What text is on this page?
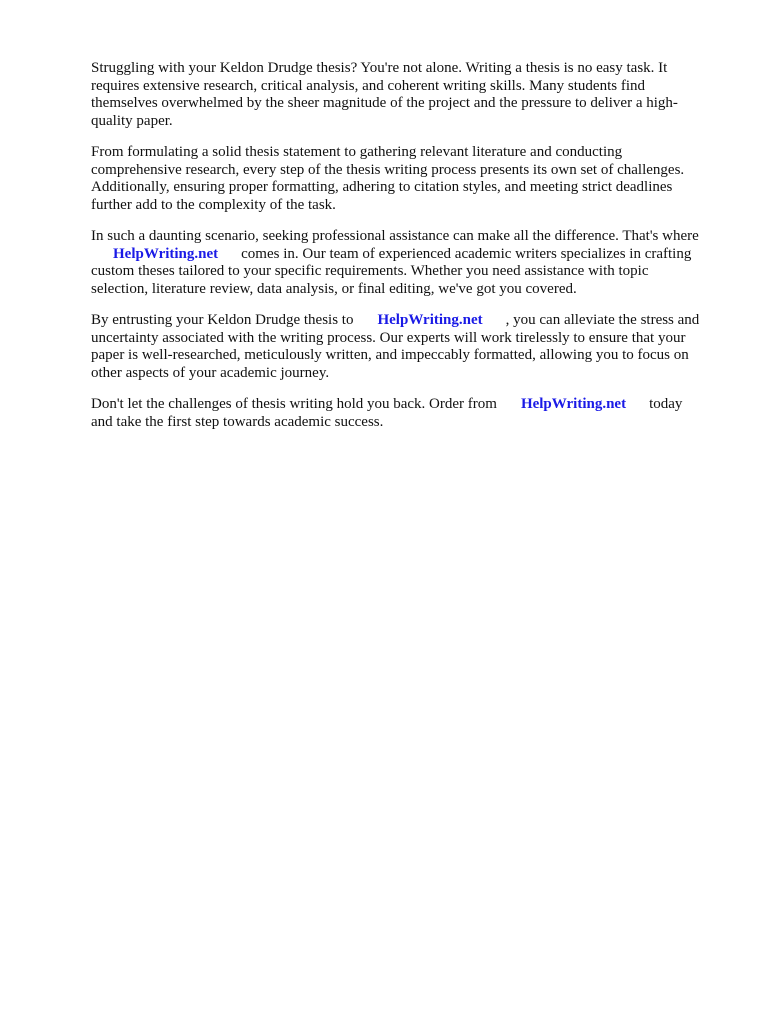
Struggling with your Keldon Drudge thesis? You're not alone. Writing a thesis is no easy task. It
requires extensive research, critical analysis, and coherent writing skills. Many students find
themselves overwhelmed by the sheer magnitude of the project and the pressure to deliver a high-
quality paper.

From formulating a solid thesis statement to gathering relevant literature and conducting
comprehensive research, every step of the thesis writing process presents its own set of challenges.
Additionally, ensuring proper formatting, adhering to citation styles, and meeting strict deadlines
further add to the complexity of the task.

In such a daunting scenario, seeking professional assistance can make all the difference. That's where
HelpWriting.net comes in. Our team of experienced academic writers specializes in crafting
custom theses tailored to your specific requirements. Whether you need assistance with topic
selection, literature review, data analysis, or final editing, we've got you covered.

By entrusting your Keldon Drudge thesis to HelpWriting.net , you can alleviate the stress and
uncertainty associated with the writing process. Our experts will work tirelessly to ensure that your
paper is well-researched, meticulously written, and impeccably formatted, allowing you to focus on
other aspects of your academic journey.

Don't let the challenges of thesis writing hold you back. Order from HelpWriting.net today
and take the first step towards academic success.
